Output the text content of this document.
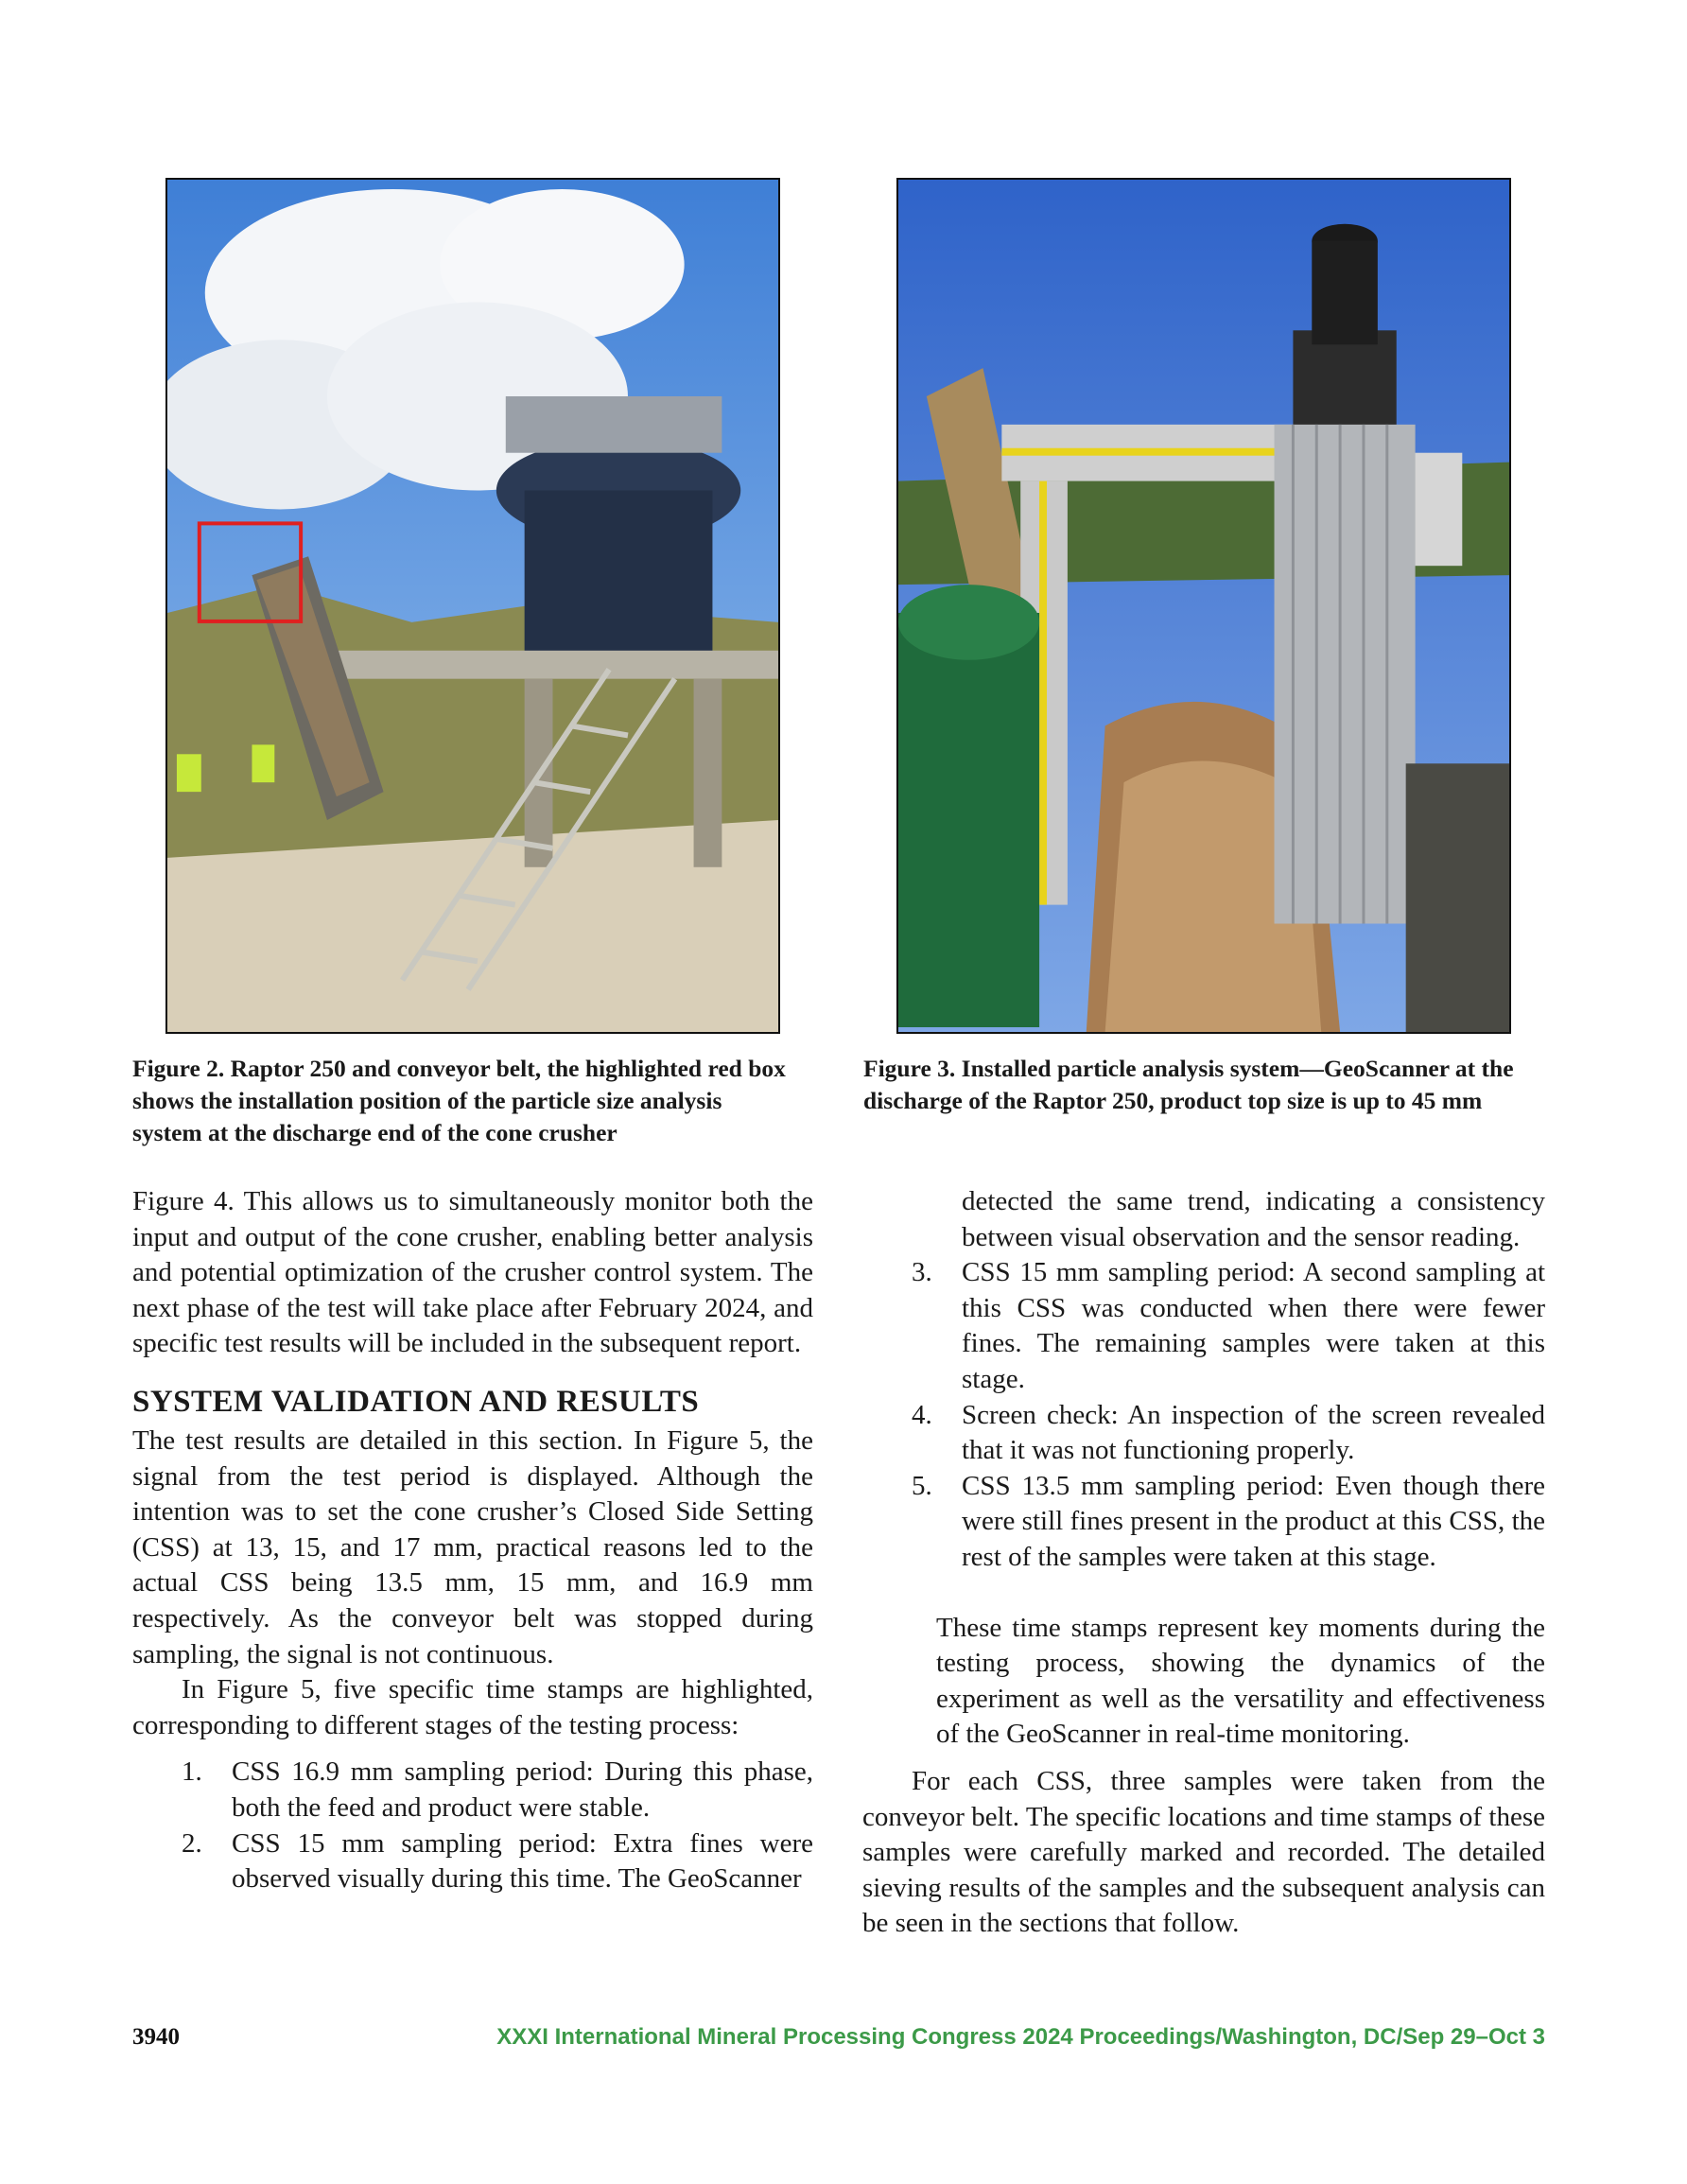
Figure 2. Raptor 250 and conveyor belt, the highlighted red box shows the installation position of the particle size analysis system at the discharge end of the cone crusher
Figure 3. Installed particle analysis system—GeoScanner at the discharge of the Raptor 250, product top size is up to 45 mm

Figure 4. This allows us to simultaneously monitor both the input and output of the cone crusher, enabling better analysis and potential optimization of the crusher control system. The next phase of the test will take place after February 2024, and specific test results will be included in the subsequent report.

SYSTEM VALIDATION AND RESULTS

The test results are detailed in this section. In Figure 5, the signal from the test period is displayed. Although the intention was to set the cone crusher’s Closed Side Setting (CSS) at 13, 15, and 17 mm, practical reasons led to the actual CSS being 13.5 mm, 15 mm, and 16.9 mm respectively. As the conveyor belt was stopped during sampling, the signal is not continuous.

In Figure 5, five specific time stamps are highlighted, corresponding to different stages of the testing process:

1. CSS 16.9 mm sampling period: During this phase, both the feed and product were stable.
2. CSS 15 mm sampling period: Extra fines were observed visually during this time. The GeoScanner

detected the same trend, indicating a consistency between visual observation and the sensor reading.

3. CSS 15 mm sampling period: A second sampling at this CSS was conducted when there were fewer fines. The remaining samples were taken at this stage.
4. Screen check: An inspection of the screen revealed that it was not functioning properly.
5. CSS 13.5 mm sampling period: Even though there were still fines present in the product at this CSS, the rest of the samples were taken at this stage.

These time stamps represent key moments during the testing process, showing the dynamics of the experiment as well as the versatility and effectiveness of the GeoScanner in real-time monitoring.

For each CSS, three samples were taken from the conveyor belt. The specific locations and time stamps of these samples were carefully marked and recorded. The detailed sieving results of the samples and the subsequent analysis can be seen in the sections that follow.

3940	XXXI International Mineral Processing Congress 2024 Proceedings/Washington, DC/Sep 29–Oct 3
